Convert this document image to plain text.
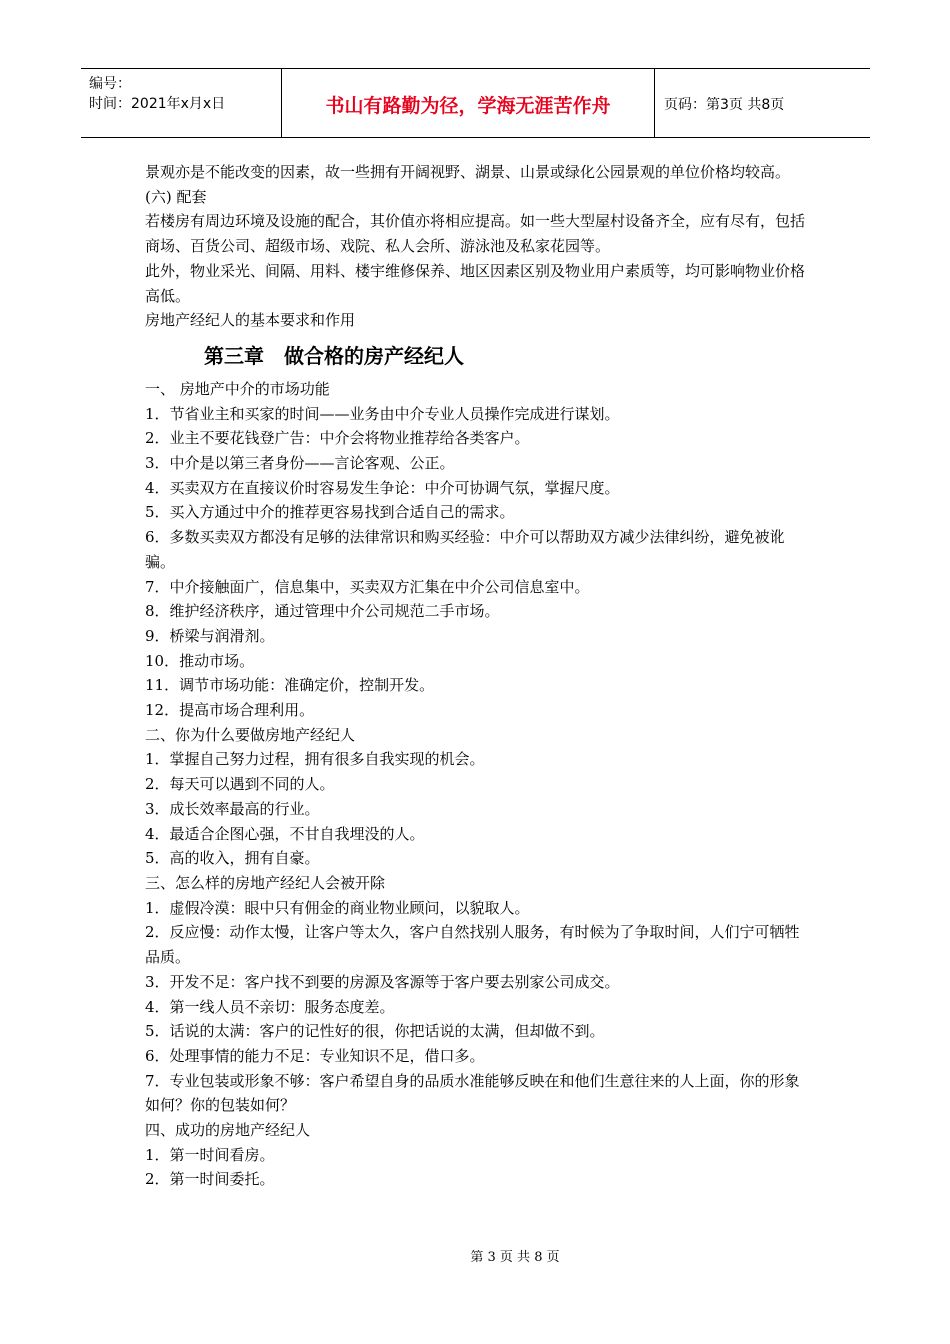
编号：
时间：2021年x月x日	书山有路勤为径，学海无涯苦作舟	页码：第3页 共8页

景观亦是不能改变的因素，故一些拥有开阔视野、湖景、山景或绿化公园景观的单位价格均较高。

(六) 配套

若楼房有周边环境及设施的配合，其价值亦将相应提高。如一些大型屋村设备齐全，应有尽有，包括商场、百货公司、超级市场、戏院、私人会所、游泳池及私家花园等。

此外，物业采光、间隔、用料、楼宇维修保养、地区因素区别及物业用户素质等，均可影响物业价格高低。

房地产经纪人的基本要求和作用

第三章　做合格的房产经纪人

一、 房地产中介的市场功能

1．节省业主和买家的时间——业务由中介专业人员操作完成进行谋划。

2．业主不要花钱登广告：中介会将物业推荐给各类客户。

3．中介是以第三者身份——言论客观、公正。

4．买卖双方在直接议价时容易发生争论：中介可协调气氛，掌握尺度。

5．买入方通过中介的推荐更容易找到合适自己的需求。

6．多数买卖双方都没有足够的法律常识和购买经验：中介可以帮助双方减少法律纠纷，避免被讹骗。

7．中介接触面广，信息集中，买卖双方汇集在中介公司信息室中。

8．维护经济秩序，通过管理中介公司规范二手市场。

9．桥梁与润滑剂。

10．推动市场。

11．调节市场功能：准确定价，控制开发。

12．提高市场合理利用。

二、你为什么要做房地产经纪人

1．掌握自己努力过程，拥有很多自我实现的机会。

2．每天可以遇到不同的人。

3．成长效率最高的行业。

4．最适合企图心强，不甘自我埋没的人。

5．高的收入，拥有自豪。

三、怎么样的房地产经纪人会被开除

1．虚假冷漠：眼中只有佣金的商业物业顾问，以貌取人。

2．反应慢：动作太慢，让客户等太久，客户自然找别人服务，有时候为了争取时间，人们宁可牺牲品质。

3．开发不足：客户找不到要的房源及客源等于客户要去别家公司成交。

4．第一线人员不亲切：服务态度差。

5．话说的太满：客户的记性好的很，你把话说的太满，但却做不到。

6．处理事情的能力不足：专业知识不足，借口多。

7．专业包装或形象不够：客户希望自身的品质水准能够反映在和他们生意往来的人上面，你的形象如何？你的包装如何？

四、成功的房地产经纪人

1．第一时间看房。

2．第一时间委托。

第 3 页 共 8 页
